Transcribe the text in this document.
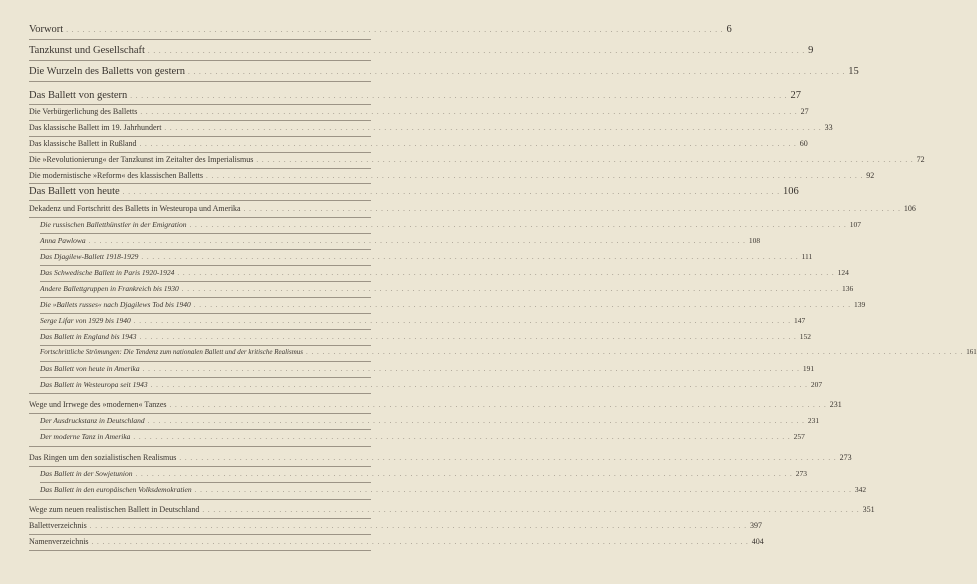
Vorwort . . . . . . . . . . . . . . . . . . . . . . . . . . . . . . . . . . . . . . . . . . . . . . . . . . . . . . . . . . . . . . . . . . . . . . . . . . . . . . . . . . . . . . . . . . . . . . . . . . . . . . . . . . . . . . . . . . . . . . . . 6
Tanzkunst und Gesellschaft . . . . . . . . . . . . . . . . . . . . . . . . . . . . . . . . . . . . . . . . . . . . . . . . . . . . . . . . . . . . . . . . . . . . . . . . . . . . . . . . . . . . . . . . . . . . . . . . . . . . . . . . . . . . . . . . . . . . . . . . 9
Die Wurzeln des Balletts von gestern . . . . . . . . . . . . . . . . . . . . . . . . . . . . . . . . . . . . . . . . . . . . . . . . . . . . . . . . . . . . . . . . . . . . . . . . . . . . . . . . . . . . . . . . . . . . . . . . . . . . . . . . . . . . . . . . . . . . . . . . 15
Das Ballett von gestern . . . . . . . . . . . . . . . . . . . . . . . . . . . . . . . . . . . . . . . . . . . . . . . . . . . . . . . . . . . . . . . . . . . . . . . . . . . . . . . . . . . . . . . . . . . . . . . . . . . . . . . . . . . . . . . . . . . . . . . . 27
Die Verbürgerlichung des Balletts . . . . . . . . . . . . . . . . . . . . . . . . . . . . . . . . . . . . . . . . . . . . . . . . . . . . . . . . . . . . . . . . . . . . . . . . . . . . . . . . . . . . . . . . . . . . . . . . . . . . . . . . . . . . . . . . . . . . . . . . 27
Das klassische Ballett im 19. Jahrhundert . . . . . . . . . . . . . . . . . . . . . . . . . . . . . . . . . . . . . . . . . . . . . . . . . . . . . . . . . . . . . . . . . . . . . . . . . . . . . . . . . . . . . . . . . . . . . . . . . . . . . . . . . . . . . . . . . . . . . . . . 33
Das klassische Ballett in Rußland . . . . . . . . . . . . . . . . . . . . . . . . . . . . . . . . . . . . . . . . . . . . . . . . . . . . . . . . . . . . . . . . . . . . . . . . . . . . . . . . . . . . . . . . . . . . . . . . . . . . . . . . . . . . . . . . . . . . . . . . 60
Die »Revolutionierung« der Tanzkunst im Zeitalter des Imperialismus . . . . . . . . . . . . . . . . . . . . . . . . . . . . . . . . . . . . . . . . . . . . . . . . . . . . . . . . . . . . . . . . . . . . . . . . . . . . . . . . . . . . . . . . . . . . . . . . . . . . . . . . . . . . . . . . . . . . . . . . 72
Die modernistische »Reform« des klassischen Balletts . . . . . . . . . . . . . . . . . . . . . . . . . . . . . . . . . . . . . . . . . . . . . . . . . . . . . . . . . . . . . . . . . . . . . . . . . . . . . . . . . . . . . . . . . . . . . . . . . . . . . . . . . . . . . . . . . . . . . . . . 92
Das Ballett von heute . . . . . . . . . . . . . . . . . . . . . . . . . . . . . . . . . . . . . . . . . . . . . . . . . . . . . . . . . . . . . . . . . . . . . . . . . . . . . . . . . . . . . . . . . . . . . . . . . . . . . . . . . . . . . . . . . . . . . . . . 106
Dekadenz und Fortschritt des Balletts in Westeuropa und Amerika . . . . . . . . . . . . . . . . . . . . . . . . . . . . . . . . . . . . . . . . . . . . . . . . . . . . . . . . . . . . . . . . . . . . . . . . . . . . . . . . . . . . . . . . . . . . . . . . . . . . . . . . . . . . . . . . . . . . . . . . 106
Die russischen Balletthünstler in der Emigration . . . . . . . . . . . . . . . . . . . . . . . . . . . . . . . . . . . . . . . . . . . . . . . . . . . . . . . . . . . . . . . . . . . . . . . . . . . . . . . . . . . . . . . . . . . . . . . . . . . . . . . . . . . . . . . . . . . . . . . . 107
Anna Pawlowa . . . . . . . . . . . . . . . . . . . . . . . . . . . . . . . . . . . . . . . . . . . . . . . . . . . . . . . . . . . . . . . . . . . . . . . . . . . . . . . . . . . . . . . . . . . . . . . . . . . . . . . . . . . . . . . . . . . . . . . . 108
Das Djagilew-Ballett 1918-1929 . . . . . . . . . . . . . . . . . . . . . . . . . . . . . . . . . . . . . . . . . . . . . . . . . . . . . . . . . . . . . . . . . . . . . . . . . . . . . . . . . . . . . . . . . . . . . . . . . . . . . . . . . . . . . . . . . . . . . . . . 111
Das Schwedische Ballett in Paris 1920-1924 . . . . . . . . . . . . . . . . . . . . . . . . . . . . . . . . . . . . . . . . . . . . . . . . . . . . . . . . . . . . . . . . . . . . . . . . . . . . . . . . . . . . . . . . . . . . . . . . . . . . . . . . . . . . . . . . . . . . . . . . 124
Andere Ballettgruppen in Frankreich bis 1930 . . . . . . . . . . . . . . . . . . . . . . . . . . . . . . . . . . . . . . . . . . . . . . . . . . . . . . . . . . . . . . . . . . . . . . . . . . . . . . . . . . . . . . . . . . . . . . . . . . . . . . . . . . . . . . . . . . . . . . . . 136
Die »Ballets russes« nach Djagilews Tod bis 1940 . . . . . . . . . . . . . . . . . . . . . . . . . . . . . . . . . . . . . . . . . . . . . . . . . . . . . . . . . . . . . . . . . . . . . . . . . . . . . . . . . . . . . . . . . . . . . . . . . . . . . . . . . . . . . . . . . . . . . . . . 139
Serge Lifar von 1929 bis 1940 . . . . . . . . . . . . . . . . . . . . . . . . . . . . . . . . . . . . . . . . . . . . . . . . . . . . . . . . . . . . . . . . . . . . . . . . . . . . . . . . . . . . . . . . . . . . . . . . . . . . . . . . . . . . . . . . . . . . . . . . 147
Das Ballett in England bis 1943 . . . . . . . . . . . . . . . . . . . . . . . . . . . . . . . . . . . . . . . . . . . . . . . . . . . . . . . . . . . . . . . . . . . . . . . . . . . . . . . . . . . . . . . . . . . . . . . . . . . . . . . . . . . . . . . . . . . . . . . . 152
Fortschrittliche Strömungen: Die Tendenz zum nationalen Ballett und der kritische Realismus . . . . . . . . . . . . . . . . . . . . . . . . . . . . . . . . . . . . . . . . . . . . . . . . . . . . . . . . . . . . . . . . . . . . . . . . . . . . . . . . . . . . . . . . . . . . . . . . . . . . . . . . . . . . . . . . . . . . . . . . 161
Das Ballett von heute in Amerika . . . . . . . . . . . . . . . . . . . . . . . . . . . . . . . . . . . . . . . . . . . . . . . . . . . . . . . . . . . . . . . . . . . . . . . . . . . . . . . . . . . . . . . . . . . . . . . . . . . . . . . . . . . . . . . . . . . . . . . . 191
Das Ballett in Westeuropa seit 1943 . . . . . . . . . . . . . . . . . . . . . . . . . . . . . . . . . . . . . . . . . . . . . . . . . . . . . . . . . . . . . . . . . . . . . . . . . . . . . . . . . . . . . . . . . . . . . . . . . . . . . . . . . . . . . . . . . . . . . . . . 207
Wege und Irrwege des »modernen« Tanzes . . . . . . . . . . . . . . . . . . . . . . . . . . . . . . . . . . . . . . . . . . . . . . . . . . . . . . . . . . . . . . . . . . . . . . . . . . . . . . . . . . . . . . . . . . . . . . . . . . . . . . . . . . . . . . . . . . . . . . . . 231
Der Ausdruckstanz in Deutschland . . . . . . . . . . . . . . . . . . . . . . . . . . . . . . . . . . . . . . . . . . . . . . . . . . . . . . . . . . . . . . . . . . . . . . . . . . . . . . . . . . . . . . . . . . . . . . . . . . . . . . . . . . . . . . . . . . . . . . . . 231
Der moderne Tanz in Amerika . . . . . . . . . . . . . . . . . . . . . . . . . . . . . . . . . . . . . . . . . . . . . . . . . . . . . . . . . . . . . . . . . . . . . . . . . . . . . . . . . . . . . . . . . . . . . . . . . . . . . . . . . . . . . . . . . . . . . . . . 257
Das Ringen um den sozialistischen Realismus . . . . . . . . . . . . . . . . . . . . . . . . . . . . . . . . . . . . . . . . . . . . . . . . . . . . . . . . . . . . . . . . . . . . . . . . . . . . . . . . . . . . . . . . . . . . . . . . . . . . . . . . . . . . . . . . . . . . . . . . 273
Das Ballett in der Sowjetunion . . . . . . . . . . . . . . . . . . . . . . . . . . . . . . . . . . . . . . . . . . . . . . . . . . . . . . . . . . . . . . . . . . . . . . . . . . . . . . . . . . . . . . . . . . . . . . . . . . . . . . . . . . . . . . . . . . . . . . . . 273
Das Ballett in den europäischen Volksdemokratien . . . . . . . . . . . . . . . . . . . . . . . . . . . . . . . . . . . . . . . . . . . . . . . . . . . . . . . . . . . . . . . . . . . . . . . . . . . . . . . . . . . . . . . . . . . . . . . . . . . . . . . . . . . . . . . . . . . . . . . . 342
Wege zum neuen realistischen Ballett in Deutschland . . . . . . . . . . . . . . . . . . . . . . . . . . . . . . . . . . . . . . . . . . . . . . . . . . . . . . . . . . . . . . . . . . . . . . . . . . . . . . . . . . . . . . . . . . . . . . . . . . . . . . . . . . . . . . . . . . . . . . . . 351
Ballettverzeichnis . . . . . . . . . . . . . . . . . . . . . . . . . . . . . . . . . . . . . . . . . . . . . . . . . . . . . . . . . . . . . . . . . . . . . . . . . . . . . . . . . . . . . . . . . . . . . . . . . . . . . . . . . . . . . . . . . . . . . . . . 397
Namenverzeichnis . . . . . . . . . . . . . . . . . . . . . . . . . . . . . . . . . . . . . . . . . . . . . . . . . . . . . . . . . . . . . . . . . . . . . . . . . . . . . . . . . . . . . . . . . . . . . . . . . . . . . . . . . . . . . . . . . . . . . . . . 404
